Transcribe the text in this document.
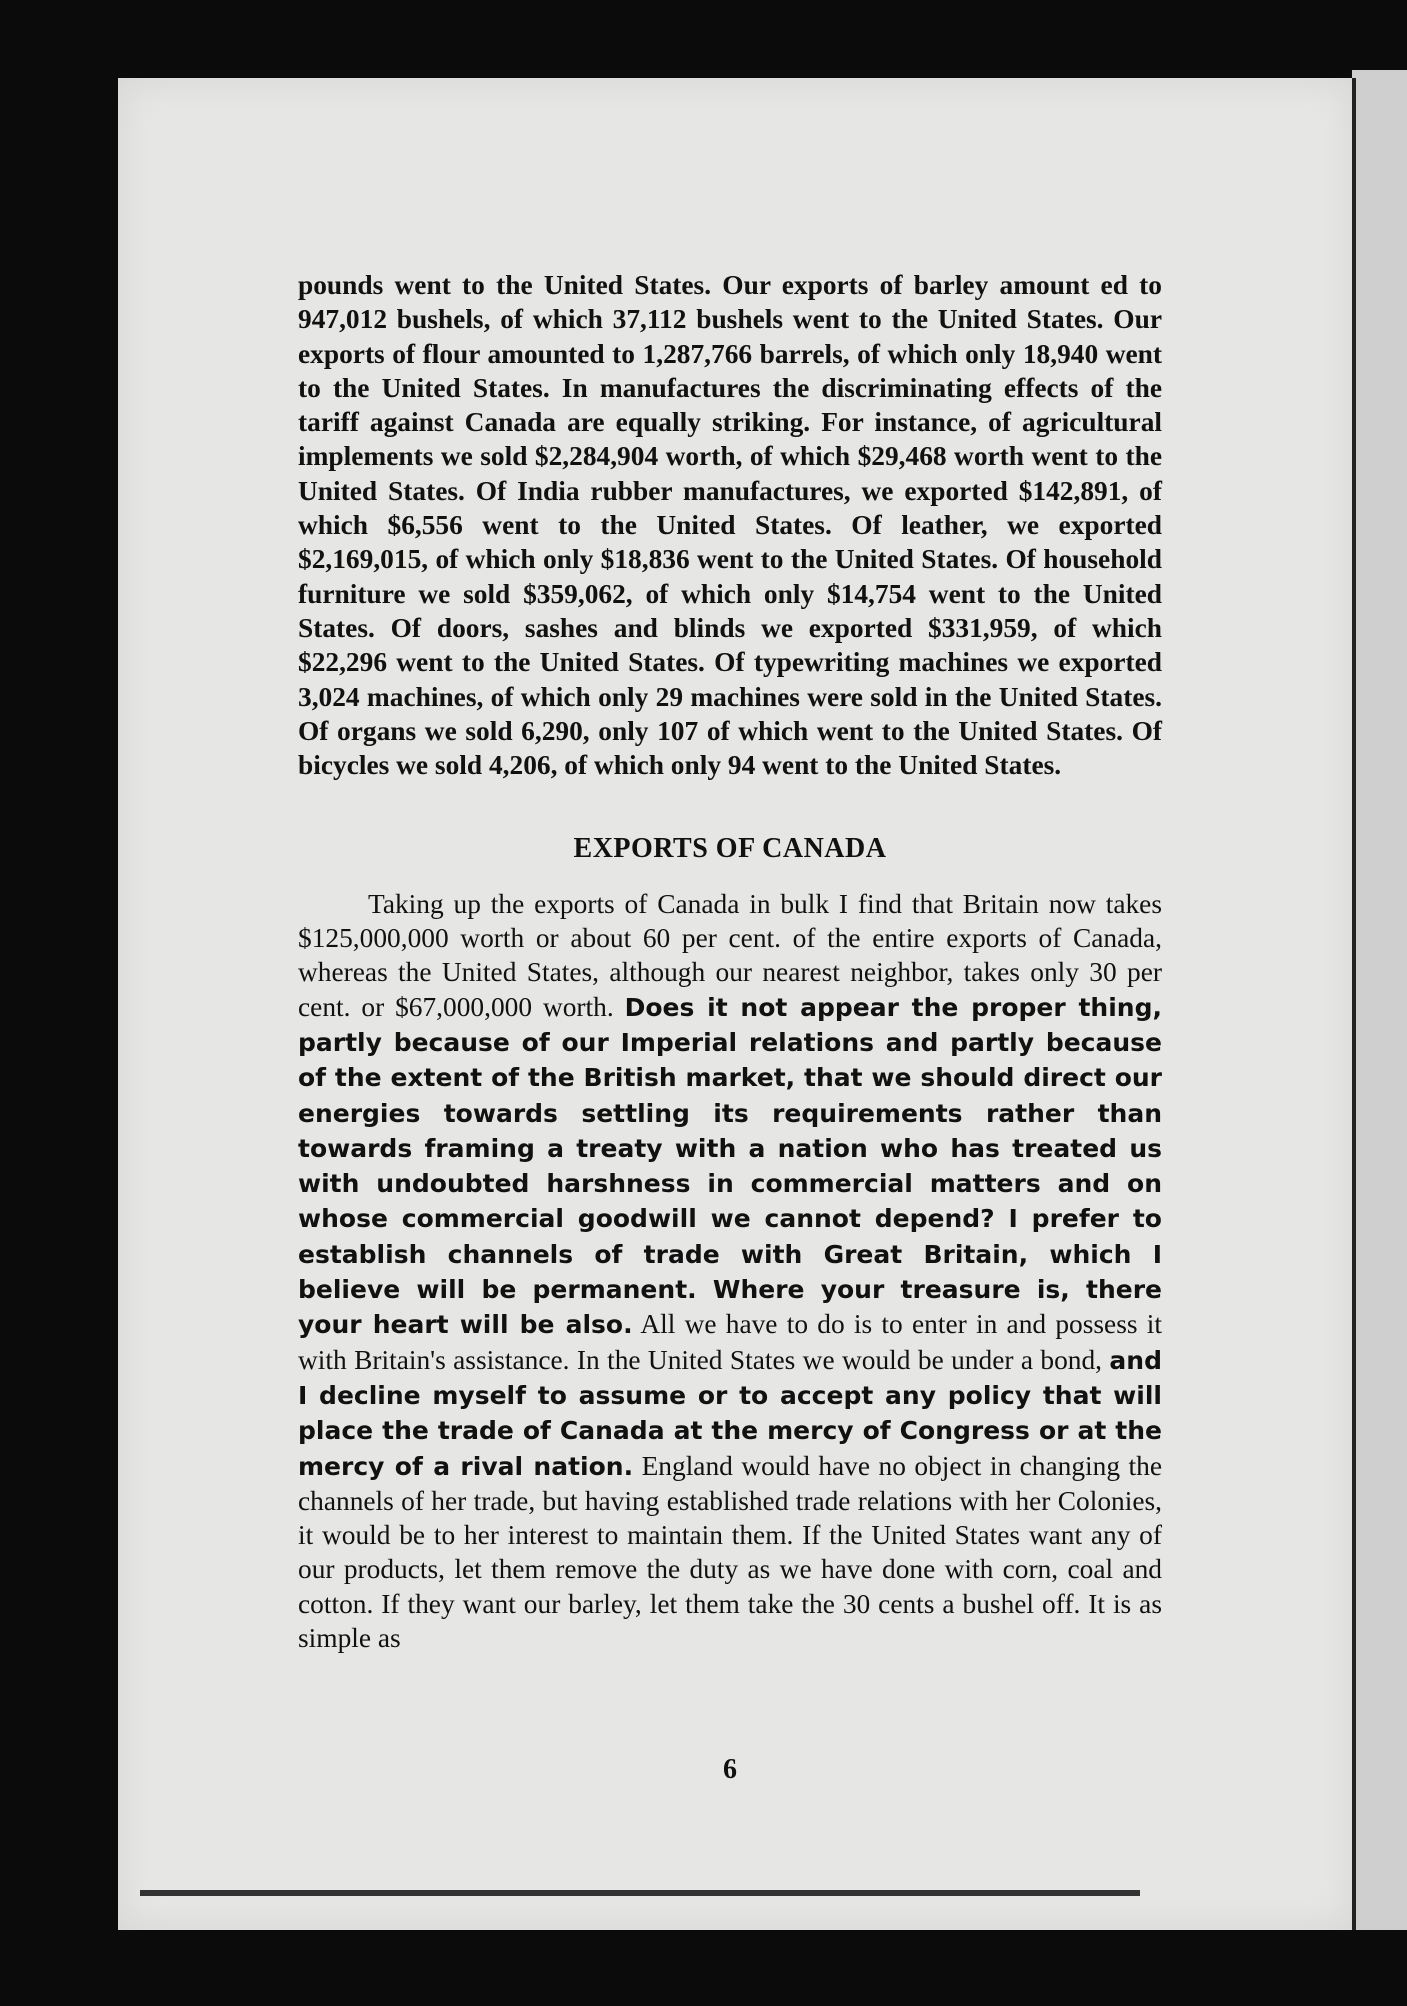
pounds went to the United States. Our exports of barley amount ed to 947,012 bushels, of which 37,112 bushels went to the United States. Our exports of flour amounted to 1,287,766 barrels, of which only 18,940 went to the United States. In manufactures the discriminating effects of the tariff against Canada are equally striking. For instance, of agricultural implements we sold $2,284,904 worth, of which $29,468 worth went to the United States. Of India rubber manufactures, we exported $142,891, of which $6,556 went to the United States. Of leather, we exported $2,169,015, of which only $18,836 went to the United States. Of household furniture we sold $359,062, of which only $14,754 went to the United States. Of doors, sashes and blinds we exported $331,959, of which $22,296 went to the United States. Of typewriting machines we exported 3,024 machines, of which only 29 machines were sold in the United States. Of organs we sold 6,290, only 107 of which went to the United States. Of bicycles we sold 4,206, of which only 94 went to the United States.

EXPORTS OF CANADA

Taking up the exports of Canada in bulk I find that Britain now takes $125,000,000 worth or about 60 per cent. of the entire exports of Canada, whereas the United States, although our nearest neighbor, takes only 30 per cent. or $67,000,000 worth. Does it not appear the proper thing, partly because of our Imperial relations and partly because of the extent of the British market, that we should direct our energies towards settling its requirements rather than towards framing a treaty with a nation who has treated us with undoubted harshness in commercial matters and on whose commercial goodwill we cannot depend? I prefer to establish channels of trade with Great Britain, which I believe will be permanent. Where your treasure is, there your heart will be also. All we have to do is to enter in and possess it with Britain's assistance. In the United States we would be under a bond, and I decline myself to assume or to accept any policy that will place the trade of Canada at the mercy of Congress or at the mercy of a rival nation. England would have no object in changing the channels of her trade, but having established trade relations with her Colonies, it would be to her interest to maintain them. If the United States want any of our products, let them remove the duty as we have done with corn, coal and cotton. If they want our barley, let them take the 30 cents a bushel off. It is as simple as

6
